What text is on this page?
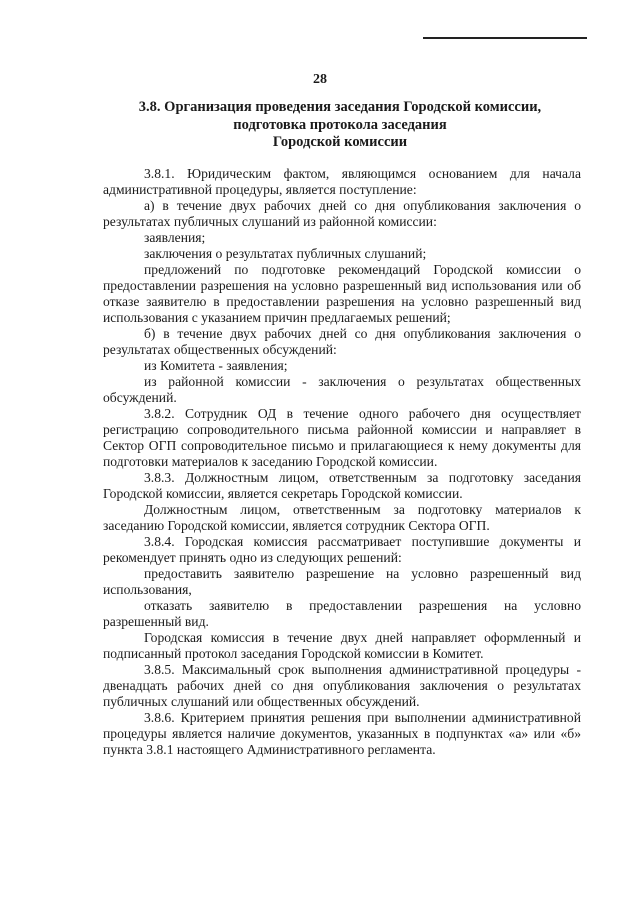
28
3.8. Организация проведения заседания Городской комиссии,
подготовка протокола заседания
Городской комиссии

3.8.1. Юридическим фактом, являющимся основанием для начала административной процедуры, является поступление:

а) в течение двух рабочих дней со дня опубликования заключения о результатах публичных слушаний из районной комиссии:

заявления;

заключения о результатах публичных слушаний;

предложений по подготовке рекомендаций Городской комиссии о предоставлении разрешения на условно разрешенный вид использования или об отказе заявителю в предоставлении разрешения на условно разрешенный вид использования с указанием причин предлагаемых решений;

б) в течение двух рабочих дней со дня опубликования заключения о результатах общественных обсуждений:

из Комитета - заявления;

из районной комиссии - заключения о результатах общественных обсуждений.

3.8.2. Сотрудник ОД в течение одного рабочего дня осуществляет регистрацию сопроводительного письма районной комиссии и направляет в Сектор ОГП сопроводительное письмо и прилагающиеся к нему документы для подготовки материалов к заседанию Городской комиссии.

3.8.3. Должностным лицом, ответственным за подготовку заседания Городской комиссии, является секретарь Городской комиссии.

Должностным лицом, ответственным за подготовку материалов к заседанию Городской комиссии, является сотрудник Сектора ОГП.

3.8.4. Городская комиссия рассматривает поступившие документы и рекомендует принять одно из следующих решений:

предоставить заявителю разрешение на условно разрешенный вид использования,

отказать заявителю в предоставлении разрешения на условно разрешенный вид.

Городская комиссия в течение двух дней направляет оформленный и подписанный протокол заседания Городской комиссии в Комитет.

3.8.5. Максимальный срок выполнения административной процедуры - двенадцать рабочих дней со дня опубликования заключения о результатах публичных слушаний или общественных обсуждений.

3.8.6. Критерием принятия решения при выполнении административной процедуры является наличие документов, указанных в подпунктах «а» или «б» пункта 3.8.1 настоящего Административного регламента.
